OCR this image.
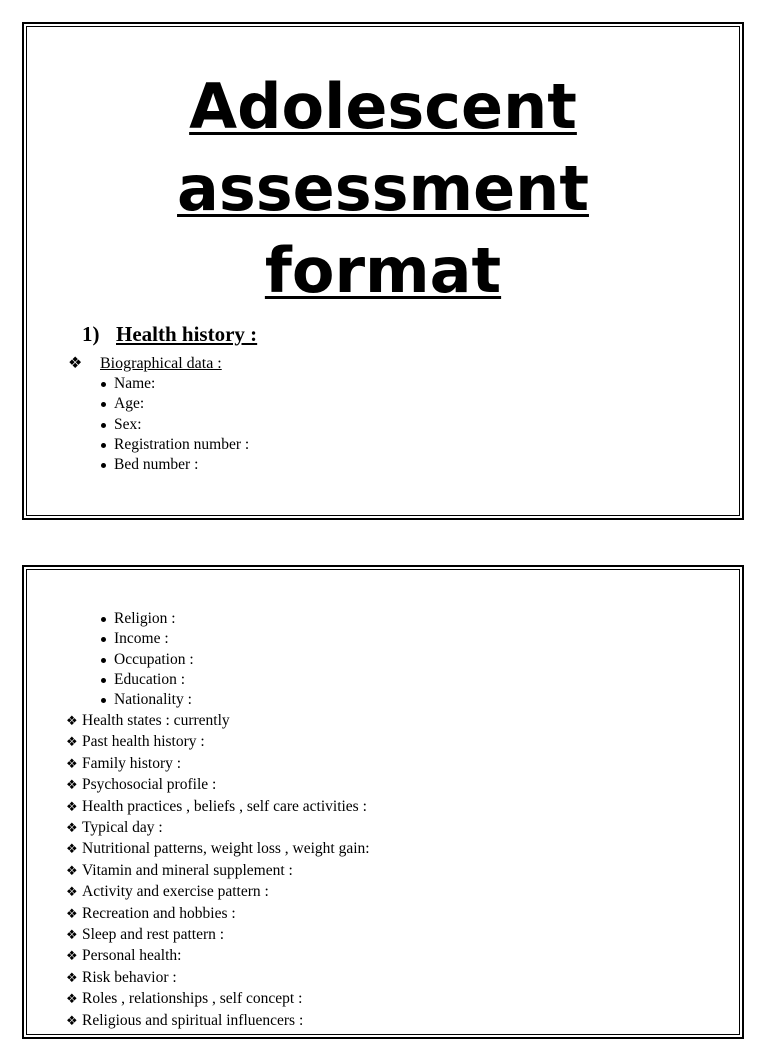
Adolescent
assessment
format
1) Health history :
❖ Biographical data :
Name:
Age:
Sex:
Registration number :
Bed number :
Religion :
Income :
Occupation :
Education :
Nationality :
❖ Health states : currently
❖ Past health history :
❖ Family history :
❖ Psychosocial profile :
❖ Health practices , beliefs , self care activities :
❖ Typical day :
❖ Nutritional patterns, weight loss , weight gain:
❖ Vitamin and mineral supplement :
❖ Activity and exercise pattern :
❖ Recreation and hobbies :
❖ Sleep and rest pattern :
❖ Personal health:
❖ Risk behavior :
❖ Roles , relationships , self concept :
❖ Religious and spiritual influencers :
